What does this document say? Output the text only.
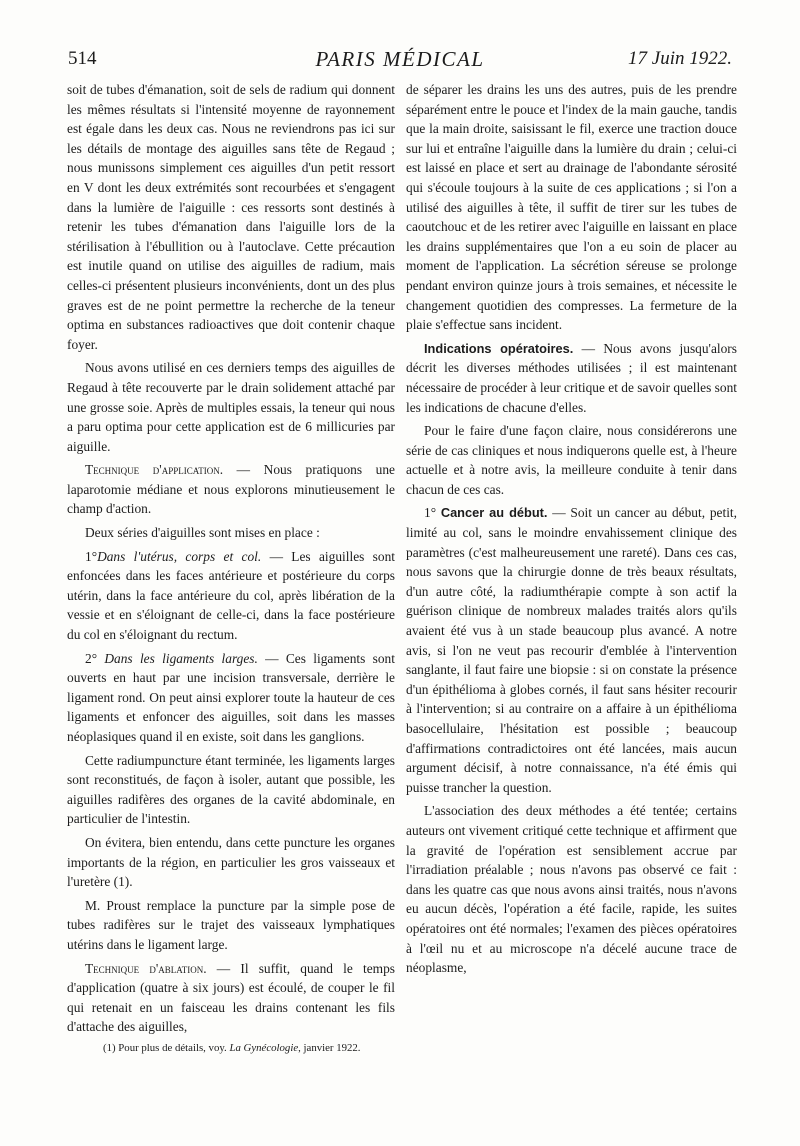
PARIS MÉDICAL
514	17 Juin 1922.

soit de tubes d'émanation, soit de sels de radium qui donnent les mêmes résultats si l'intensité moyenne de rayonnement est égale dans les deux cas. Nous ne reviendrons pas ici sur les détails de montage des aiguilles sans tête de Regaud ; nous munissons simplement ces aiguilles d'un petit ressort en V dont les deux extrémités sont recourbées et s'engagent dans la lumière de l'aiguille : ces ressorts sont destinés à retenir les tubes d'émanation dans l'aiguille lors de la stérilisation à l'ébullition ou à l'autoclave. Cette précaution est inutile quand on utilise des aiguilles de radium, mais celles-ci présentent plusieurs inconvénients, dont un des plus graves est de ne point permettre la recherche de la teneur optima en substances radioactives que doit contenir chaque foyer.

Nous avons utilisé en ces derniers temps des aiguilles de Regaud à tête recouverte par le drain solidement attaché par une grosse soie. Après de multiples essais, la teneur qui nous a paru optima pour cette application est de 6 millicuries par aiguille.

Technique d'application. — Nous pratiquons une laparotomie médiane et nous explorons minutieusement le champ d'action.

Deux séries d'aiguilles sont mises en place :

1°Dans l'utérus, corps et col. — Les aiguilles sont enfoncées dans les faces antérieure et postérieure du corps utérin, dans la face antérieure du col, après libération de la vessie et en s'éloignant de celle-ci, dans la face postérieure du col en s'éloignant du rectum.

2° Dans les ligaments larges. — Ces ligaments sont ouverts en haut par une incision transversale, derrière le ligament rond. On peut ainsi explorer toute la hauteur de ces ligaments et enfoncer des aiguilles, soit dans les masses néoplasiques quand il en existe, soit dans les ganglions.

Cette radiumpuncture étant terminée, les ligaments larges sont reconstitués, de façon à isoler, autant que possible, les aiguilles radifères des organes de la cavité abdominale, en particulier de l'intestin.

On évitera, bien entendu, dans cette puncture les organes importants de la région, en particulier les gros vaisseaux et l'uretère (1).

M. Proust remplace la puncture par la simple pose de tubes radifères sur le trajet des vaisseaux lymphatiques utérins dans le ligament large.

Technique d'ablation. — Il suffit, quand le temps d'application (quatre à six jours) est écoulé, de couper le fil qui retenait en un faisceau les drains contenant les fils d'attache des aiguilles,

(1) Pour plus de détails, voy. La Gynécologie, janvier 1922.

de séparer les drains les uns des autres, puis de les prendre séparément entre le pouce et l'index de la main gauche, tandis que la main droite, saisissant le fil, exerce une traction douce sur lui et entraîne l'aiguille dans la lumière du drain ; celui-ci est laissé en place et sert au drainage de l'abondante sérosité qui s'écoule toujours à la suite de ces applications ; si l'on a utilisé des aiguilles à tête, il suffit de tirer sur les tubes de caoutchouc et de les retirer avec l'aiguille en laissant en place les drains supplémentaires que l'on a eu soin de placer au moment de l'application. La sécrétion séreuse se prolonge pendant environ quinze jours à trois semaines, et nécessite le changement quotidien des compresses. La fermeture de la plaie s'effectue sans incident.

Indications opératoires. — Nous avons jusqu'alors décrit les diverses méthodes utilisées ; il est maintenant nécessaire de procéder à leur critique et de savoir quelles sont les indications de chacune d'elles.

Pour le faire d'une façon claire, nous considérerons une série de cas cliniques et nous indiquerons quelle est, à l'heure actuelle et à notre avis, la meilleure conduite à tenir dans chacun de ces cas.

1° Cancer au début. — Soit un cancer au début, petit, limité au col, sans le moindre envahissement clinique des paramètres (c'est malheureusement une rareté). Dans ces cas, nous savons que la chirurgie donne de très beaux résultats, d'un autre côté, la radiumthérapie compte à son actif la guérison clinique de nombreux malades traités alors qu'ils avaient été vus à un stade beaucoup plus avancé. A notre avis, si l'on ne veut pas recourir d'emblée à l'intervention sanglante, il faut faire une biopsie : si on constate la présence d'un épithélioma à globes cornés, il faut sans hésiter recourir à l'intervention; si au contraire on a affaire à un épithélioma basocellulaire, l'hésitation est possible ; beaucoup d'affirmations contradictoires ont été lancées, mais aucun argument décisif, à notre connaissance, n'a été émis qui puisse trancher la question.

L'association des deux méthodes a été tentée; certains auteurs ont vivement critiqué cette technique et affirment que la gravité de l'opération est sensiblement accrue par l'irradiation préalable ; nous n'avons pas observé ce fait : dans les quatre cas que nous avons ainsi traités, nous n'avons eu aucun décès, l'opération a été facile, rapide, les suites opératoires ont été normales; l'examen des pièces opératoires à l'œil nu et au microscope n'a décelé aucune trace de néoplasme,
